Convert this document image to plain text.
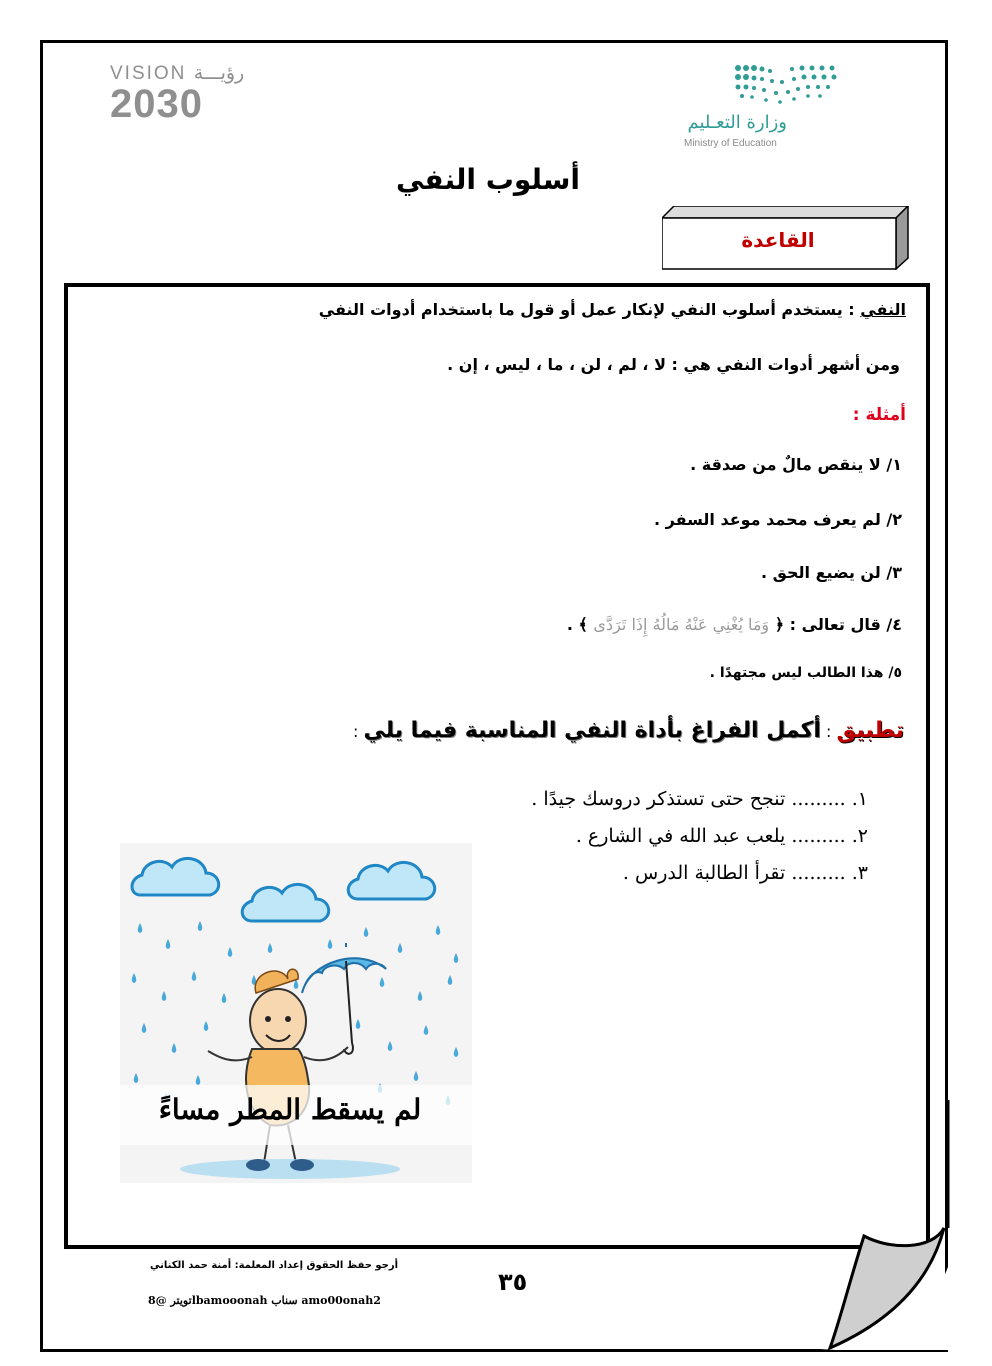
VISION رؤيـــة
2030	وزارة التعـليم
Ministry of Education
أسلوب النفي
القاعدة
النفي : يستخدم أسلوب النفي لإنكار عمل أو قول ما باستخدام أدوات النفي
ومن أشهر أدوات النفي هي : لا ، لم ، لن ، ما ، ليس ، إن .
أمثلة :
١/ لا ينقص مالٌ من صدقة .
٢/ لم يعرف محمد موعد السفر .
٣/ لن يضيع الحق .
٤/ قال تعالى : ﴿ وَمَا يُغْنِي عَنْهُ مَالُهُ إِذَا تَرَدَّى ﴾ .
٥/ هذا الطالب ليس مجتهدًا .
تطبيق : أكمل الفراغ بأداة النفي المناسبة فيما يلي :
١. ......... تنجح حتى تستذكر دروسك جيدًا .
٢. ......... يلعب عبد الله في الشارع .
٣. ......... تقرأ الطالبة الدرس .
لم يسقط المطر مساءً
أرجو حفظ الحقوق إعداد المعلمة: أمنة حمد الكناني
٣٥
تويتر @8lbamooonah سناب amo00onah2
